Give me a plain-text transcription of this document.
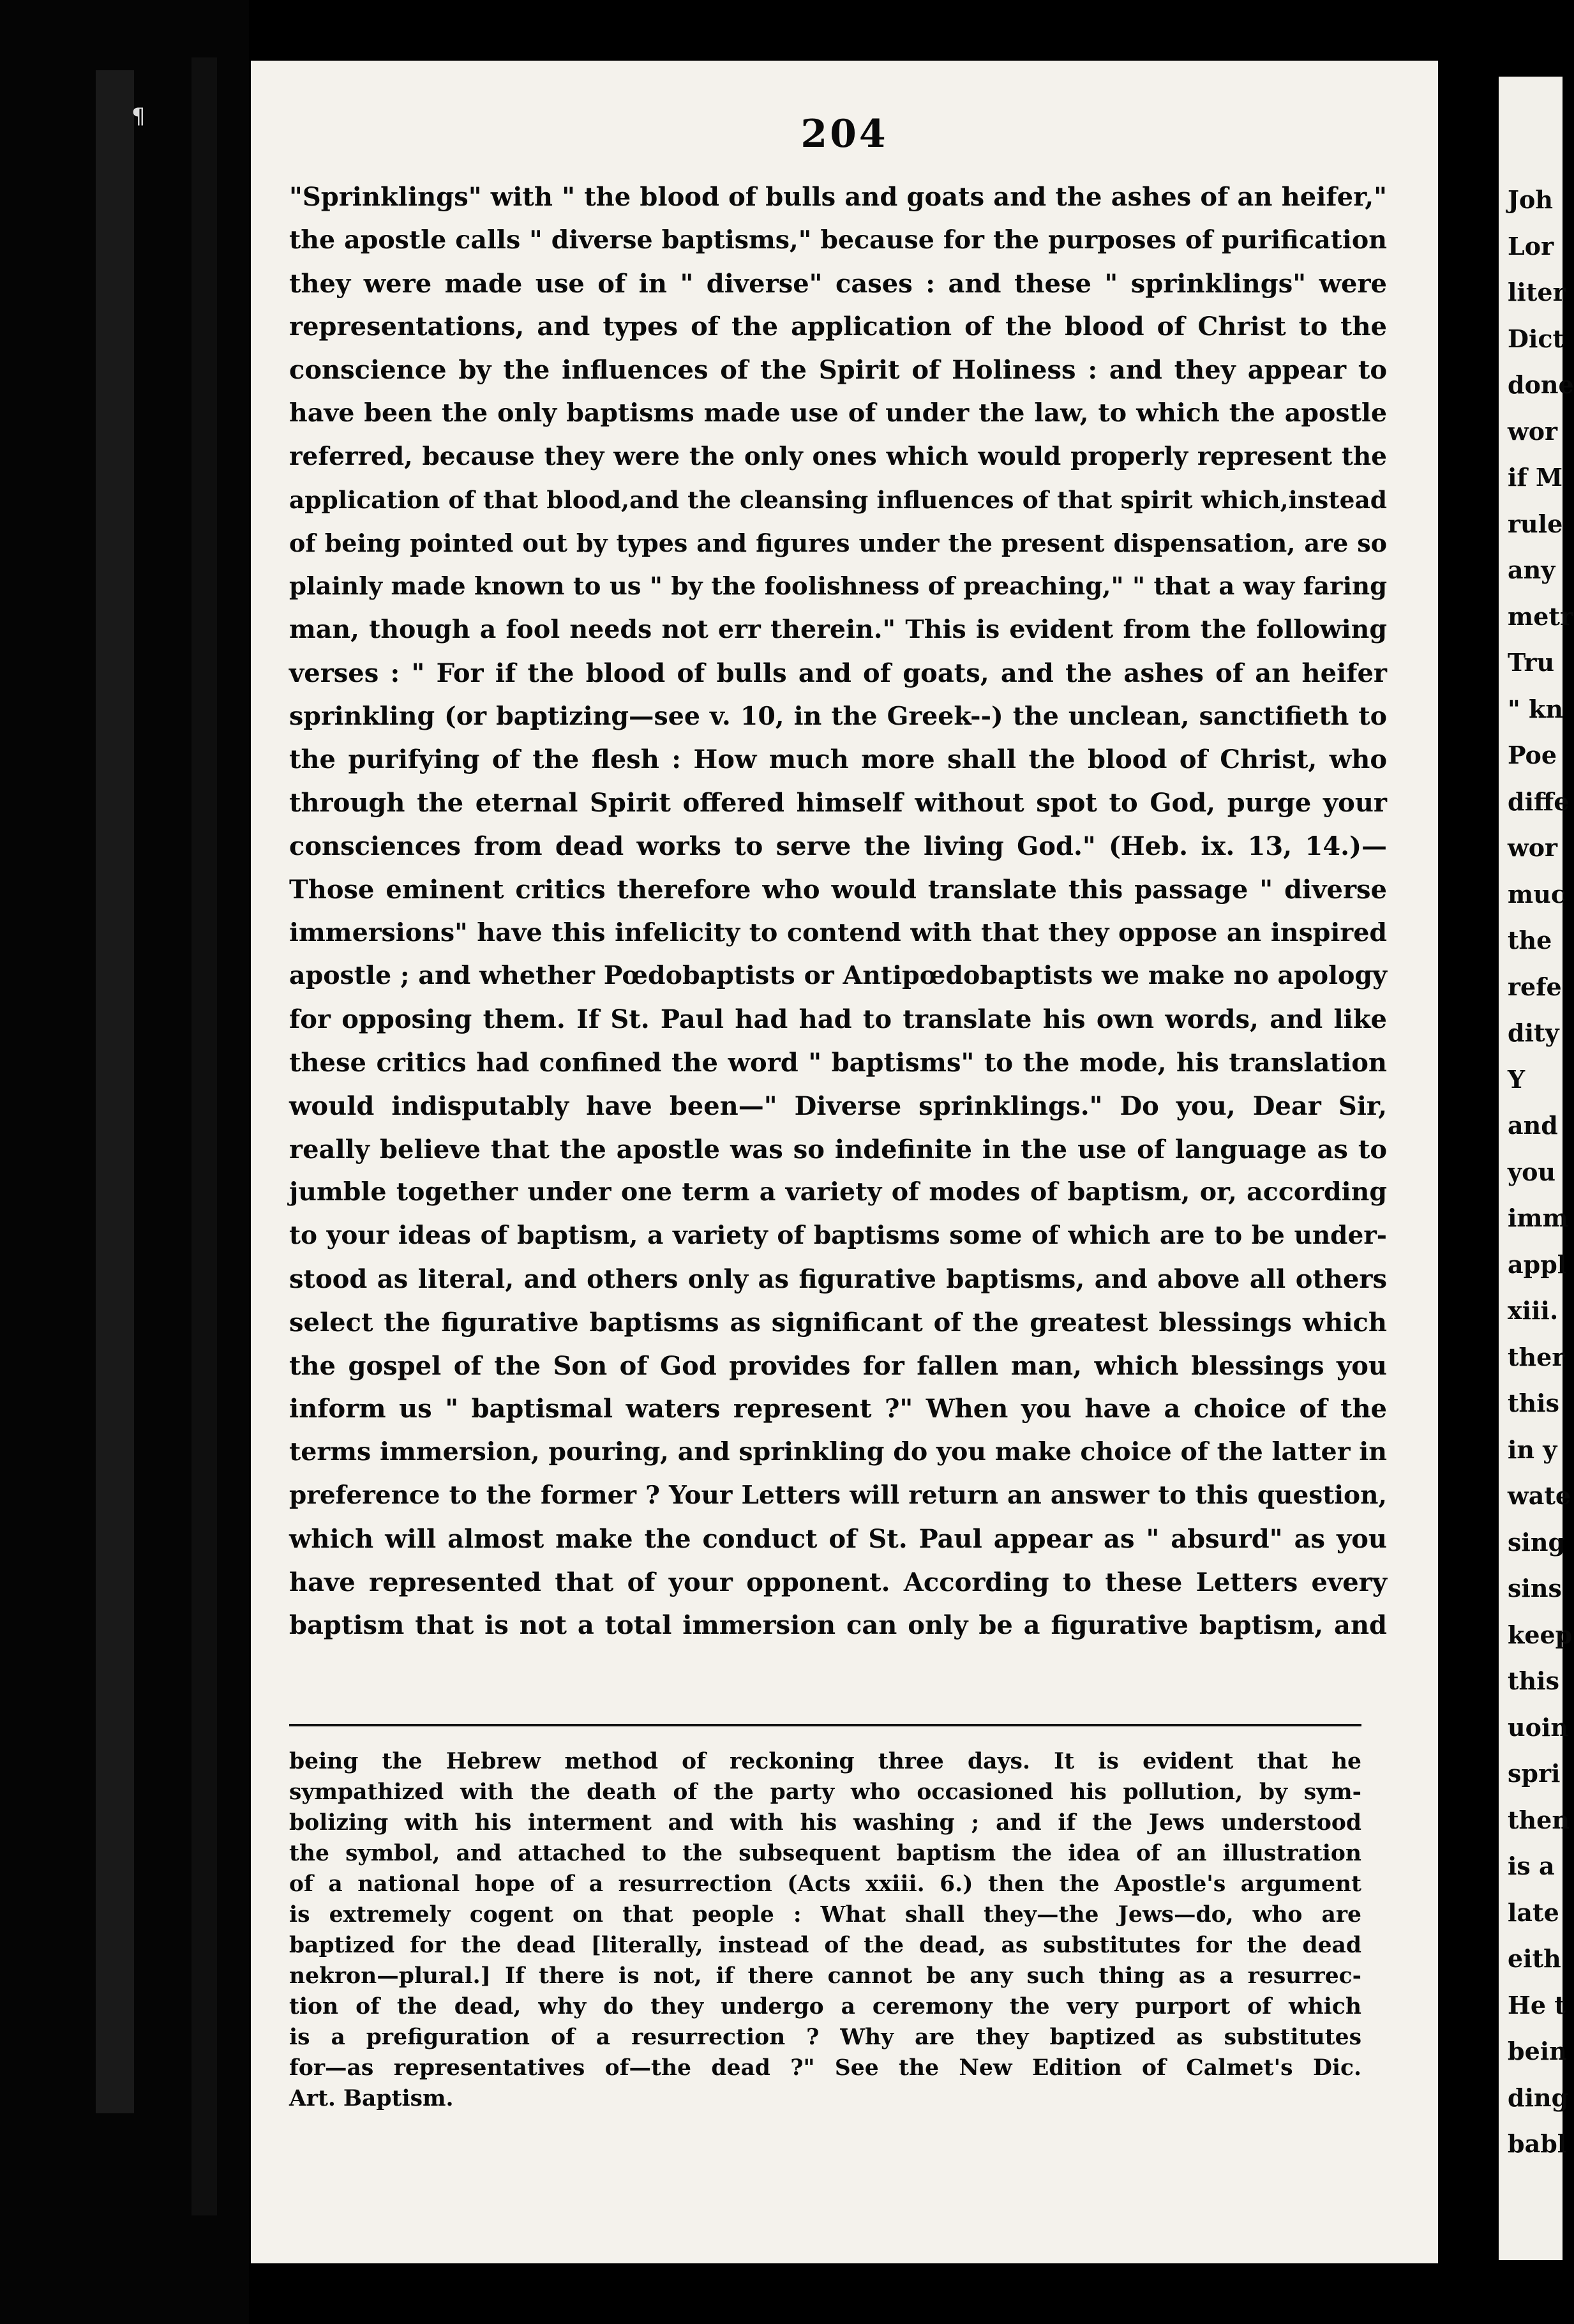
¶	204
"Sprinklings" with " the blood of bulls and goats and the ashes of an heifer,"
the apostle calls " diverse baptisms," because for the purposes of purification
they were made use of in " diverse" cases : and these " sprinklings" were
representations, and types of the application of the blood of Christ to the
conscience by the influences of the Spirit of Holiness : and they appear to
have been the only baptisms made use of under the law, to which the apostle
referred, because they were the only ones which would properly represent the
application of that blood,and the cleansing influences of that spirit which,instead
of being pointed out by types and figures under the present dispensation, are so
plainly made known to us " by the foolishness of preaching," " that a way faring
man, though a fool needs not err therein." This is evident from the following
verses : " For if the blood of bulls and of goats, and the ashes of an heifer
sprinkling (or baptizing—see v. 10, in the Greek--) the unclean, sanctifieth to
the purifying of the flesh : How much more shall the blood of Christ, who
through the eternal Spirit offered himself without spot to God, purge your
consciences from dead works to serve the living God." (Heb. ix. 13, 14.)—
Those eminent critics therefore who would translate this passage " diverse
immersions" have this infelicity to contend with that they oppose an inspired
apostle ; and whether Pœdobaptists or Antipœdobaptists we make no apology
for opposing them. If St. Paul had had to translate his own words, and like
these critics had confined the word " baptisms" to the mode, his translation
would indisputably have been—" Diverse sprinklings." Do you, Dear Sir,
really believe that the apostle was so indefinite in the use of language as to
jumble together under one term a variety of modes of baptism, or, according
to your ideas of baptism, a variety of baptisms some of which are to be under-
stood as literal, and others only as figurative baptisms, and above all others
select the figurative baptisms as significant of the greatest blessings which
the gospel of the Son of God provides for fallen man, which blessings you
inform us " baptismal waters represent ?" When you have a choice of the
terms immersion, pouring, and sprinkling do you make choice of the latter in
preference to the former ? Your Letters will return an answer to this question,
which will almost make the conduct of St. Paul appear as " absurd" as you
have represented that of your opponent. According to these Letters every
baptism that is not a total immersion can only be a figurative baptism, and
being the Hebrew method of reckoning three days. It is evident that he
sympathized with the death of the party who occasioned his pollution, by sym-
bolizing with his interment and with his washing ; and if the Jews understood
the symbol, and attached to the subsequent baptism the idea of an illustration
of a national hope of a resurrection (Acts xxiii. 6.) then the Apostle's argument
is extremely cogent on that people : What shall they—the Jews—do, who are
baptized for the dead [literally, instead of the dead, as substitutes for the dead
nekron—plural.] If there is not, if there cannot be any such thing as a resurrec-
tion of the dead, why do they undergo a ceremony the very purport of which
is a prefiguration of a resurrection ? Why are they baptized as substitutes
for—as representatives of—the dead ?" See the New Edition of Calmet's Dic.
Art. Baptism.
Joh
Lor
liter
Dict
done
wor
if M
rule
any
metr
Tru
" kn
Poe
diffe
wor
muc
the
refe
dity
Y
and
you
imm
appl
xiii.
ther
this
in y
wate
sing
sins
keep
this
uoin
spri
then
is a
late
eith
He t
bein
ding
babl
